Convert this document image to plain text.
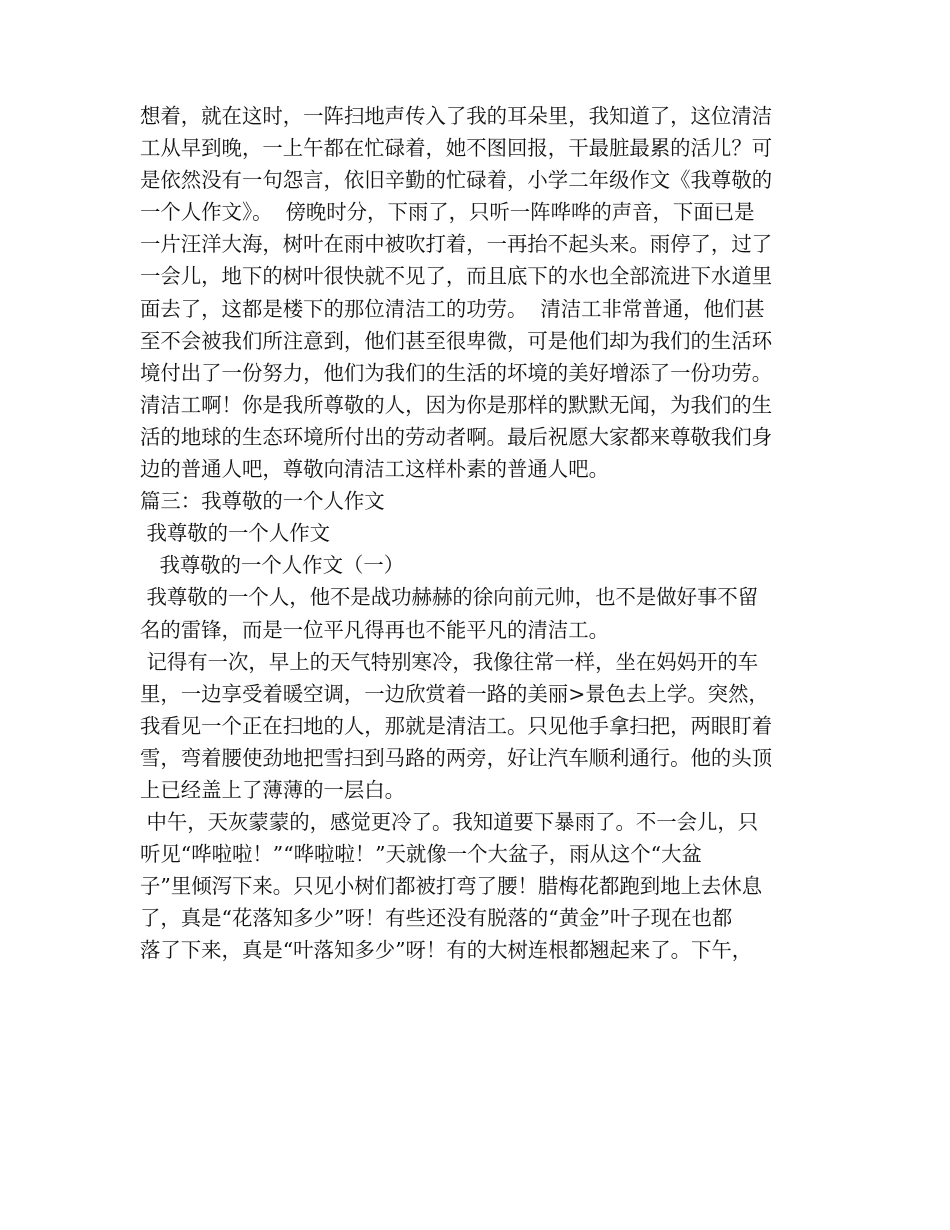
想着，就在这时，一阵扫地声传入了我的耳朵里，我知道了，这位清洁
工从早到晚，一上午都在忙碌着，她不图回报，干最脏最累的活儿？可
是依然没有一句怨言，依旧辛勤的忙碌着，小学二年级作文《我尊敬的
一个人作文》。  傍晚时分，下雨了，只听一阵哗哗的声音，下面已是
一片汪洋大海，树叶在雨中被吹打着，一再抬不起头来。雨停了，过了
一会儿，地下的树叶很快就不见了，而且底下的水也全部流进下水道里
面去了，这都是楼下的那位清洁工的功劳。  清洁工非常普通，他们甚
至不会被我们所注意到，他们甚至很卑微，可是他们却为我们的生活环
境付出了一份努力，他们为我们的生活的坏境的美好增添了一份功劳。
清洁工啊！你是我所尊敬的人，因为你是那样的默默无闻，为我们的生
活的地球的生态环境所付出的劳动者啊。最后祝愿大家都来尊敬我们身
边的普通人吧，尊敬向清洁工这样朴素的普通人吧。
篇三：我尊敬的一个人作文
我尊敬的一个人作文
我尊敬的一个人作文（一）
我尊敬的一个人，他不是战功赫赫的徐向前元帅，也不是做好事不留
名的雷锋，而是一位平凡得再也不能平凡的清洁工。
记得有一次，早上的天气特别寒冷，我像往常一样，坐在妈妈开的车
里，一边享受着暖空调，一边欣赏着一路的美丽>景色去上学。突然，
我看见一个正在扫地的人，那就是清洁工。只见他手拿扫把，两眼盯着
雪，弯着腰使劲地把雪扫到马路的两旁，好让汽车顺利通行。他的头顶
上已经盖上了薄薄的一层白。
中午，天灰蒙蒙的，感觉更冷了。我知道要下暴雨了。不一会儿，只
听见“哗啦啦！”“哗啦啦！”天就像一个大盆子，雨从这个“大盆
子”里倾泻下来。只见小树们都被打弯了腰！腊梅花都跑到地上去休息
了，真是“花落知多少”呀！有些还没有脱落的“黄金”叶子现在也都
落了下来，真是“叶落知多少”呀！有的大树连根都翘起来了。下午，
